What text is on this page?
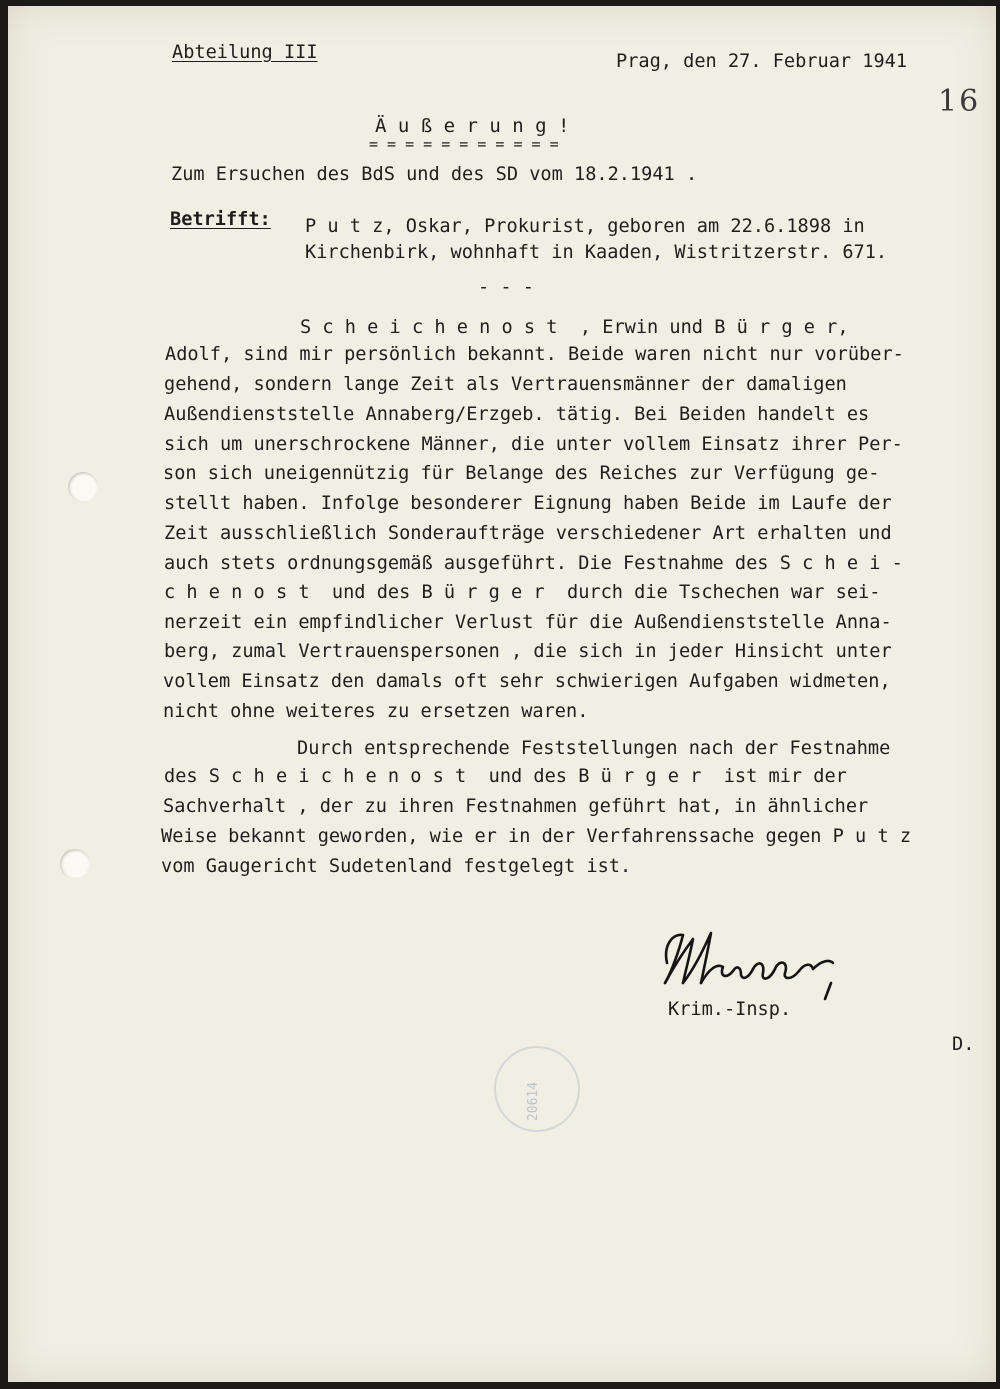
20614
Abteilung III	Prag, den 27. Februar 1941
16
Ä u ß e r u n g !
= = = = = = = = = = =
Zum Ersuchen des BdS und des SD vom 18.2.1941 .
Betrifft: P u t z, Oskar, Prokurist, geboren am 22.6.1898 in
Kirchenbirk, wohnhaft in Kaaden, Wistritzerstr. 671.
- - -
S c h e i c h e n o s t  , Erwin und B ü r g e r,
Adolf, sind mir persönlich bekannt. Beide waren nicht nur vorüber-
gehend, sondern lange Zeit als Vertrauensmänner der damaligen
Außendienststelle Annaberg/Erzgeb. tätig. Bei Beiden handelt es
sich um unerschrockene Männer, die unter vollem Einsatz ihrer Per-
son sich uneigennützig für Belange des Reiches zur Verfügung ge-
stellt haben. Infolge besonderer Eignung haben Beide im Laufe der
Zeit ausschließlich Sonderaufträge verschiedener Art erhalten und
auch stets ordnungsgemäß ausgeführt. Die Festnahme des S c h e i -
c h e n o s t  und des B ü r g e r  durch die Tschechen war sei-
nerzeit ein empfindlicher Verlust für die Außendienststelle Anna-
berg, zumal Vertrauenspersonen , die sich in jeder Hinsicht unter
vollem Einsatz den damals oft sehr schwierigen Aufgaben widmeten,
nicht ohne weiteres zu ersetzen waren.
Durch entsprechende Feststellungen nach der Festnahme
des S c h e i c h e n o s t  und des B ü r g e r  ist mir der
Sachverhalt , der zu ihren Festnahmen geführt hat, in ähnlicher
Weise bekannt geworden, wie er in der Verfahrenssache gegen P u t z
vom Gaugericht Sudetenland festgelegt ist.
Krim.-Insp.
D.
